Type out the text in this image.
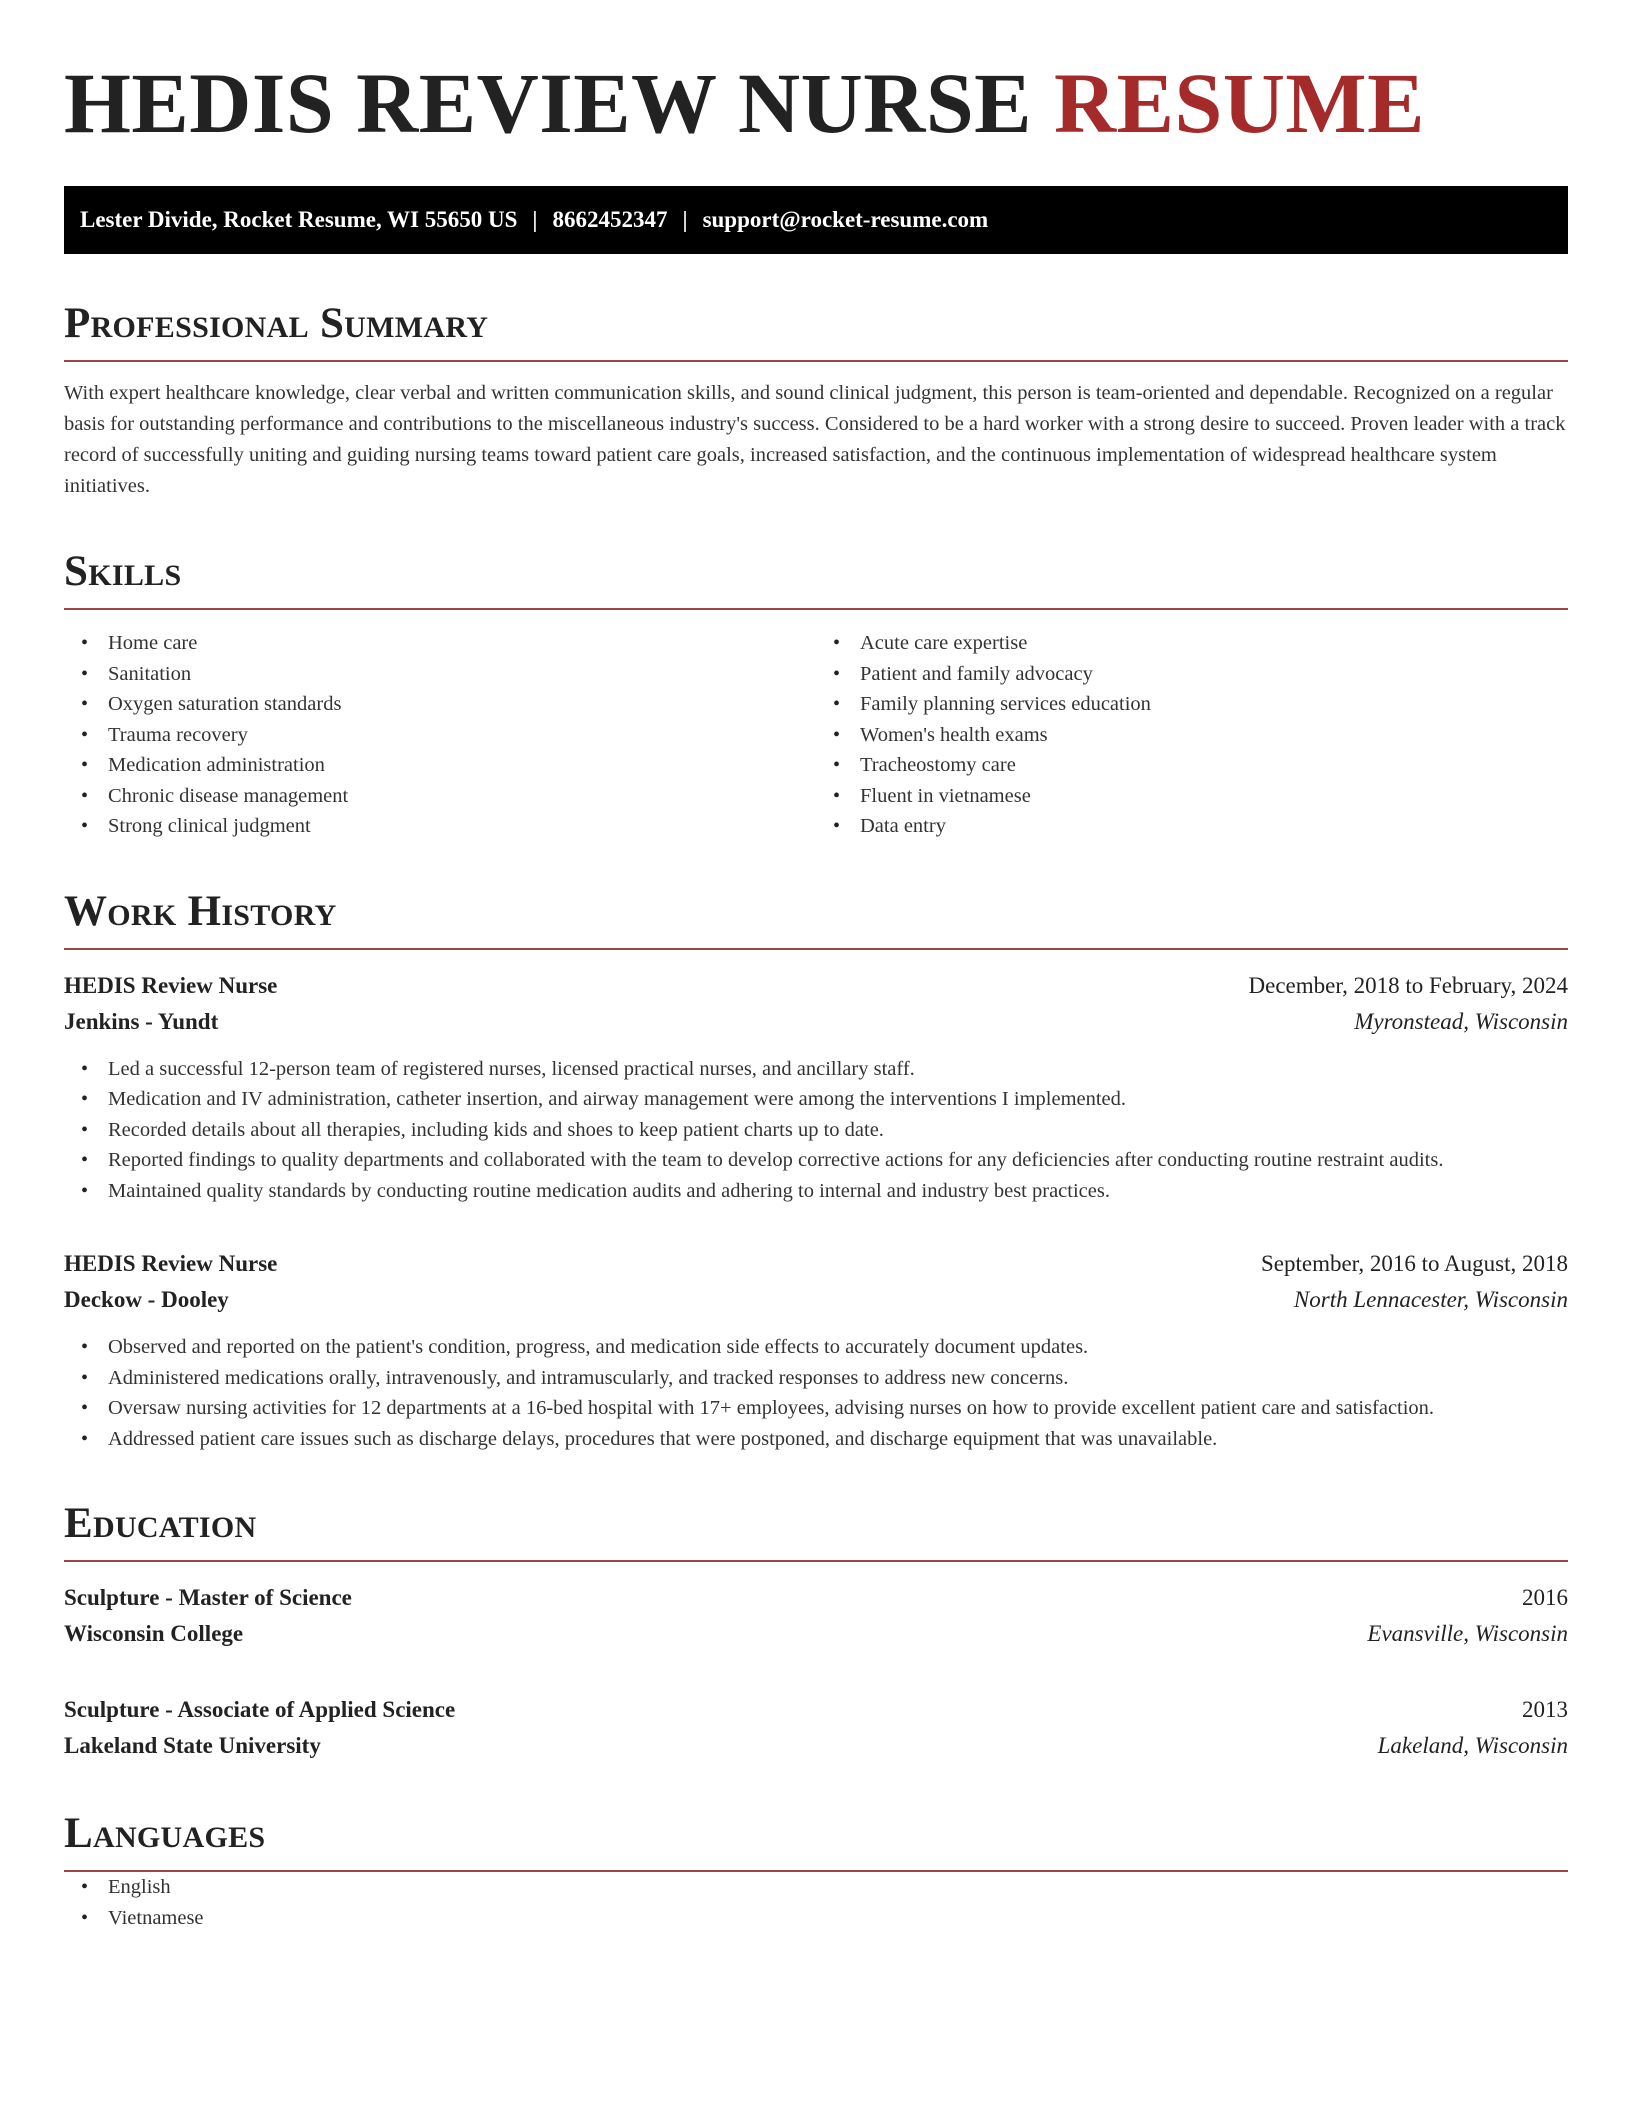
HEDIS REVIEW NURSE RESUME
Lester Divide, Rocket Resume, WI 55650 US | 8662452347 | support@rocket-resume.com
Professional Summary

With expert healthcare knowledge, clear verbal and written communication skills, and sound clinical judgment, this person is team-oriented and dependable. Recognized on a regular basis for outstanding performance and contributions to the miscellaneous industry's success. Considered to be a hard worker with a strong desire to succeed. Proven leader with a track record of successfully uniting and guiding nursing teams toward patient care goals, increased satisfaction, and the continuous implementation of widespread healthcare system initiatives.

Skills
• Home care
• Sanitation
• Oxygen saturation standards
• Trauma recovery
• Medication administration
• Chronic disease management
• Strong clinical judgment
• Acute care expertise
• Patient and family advocacy
• Family planning services education
• Women's health exams
• Tracheostomy care
• Fluent in vietnamese
• Data entry
Work History
HEDIS Review Nurse	December, 2018 to February, 2024
Jenkins - Yundt	Myronstead, Wisconsin
• Led a successful 12-person team of registered nurses, licensed practical nurses, and ancillary staff.
• Medication and IV administration, catheter insertion, and airway management were among the interventions I implemented.
• Recorded details about all therapies, including kids and shoes to keep patient charts up to date.
• Reported findings to quality departments and collaborated with the team to develop corrective actions for any deficiencies after conducting routine restraint audits.
• Maintained quality standards by conducting routine medication audits and adhering to internal and industry best practices.
HEDIS Review Nurse	September, 2016 to August, 2018
Deckow - Dooley	North Lennacester, Wisconsin
• Observed and reported on the patient's condition, progress, and medication side effects to accurately document updates.
• Administered medications orally, intravenously, and intramuscularly, and tracked responses to address new concerns.
• Oversaw nursing activities for 12 departments at a 16-bed hospital with 17+ employees, advising nurses on how to provide excellent patient care and satisfaction.
• Addressed patient care issues such as discharge delays, procedures that were postponed, and discharge equipment that was unavailable.
Education
Sculpture - Master of Science	2016
Wisconsin College	Evansville, Wisconsin
Sculpture - Associate of Applied Science	2013
Lakeland State University	Lakeland, Wisconsin
Languages
• English
• Vietnamese
